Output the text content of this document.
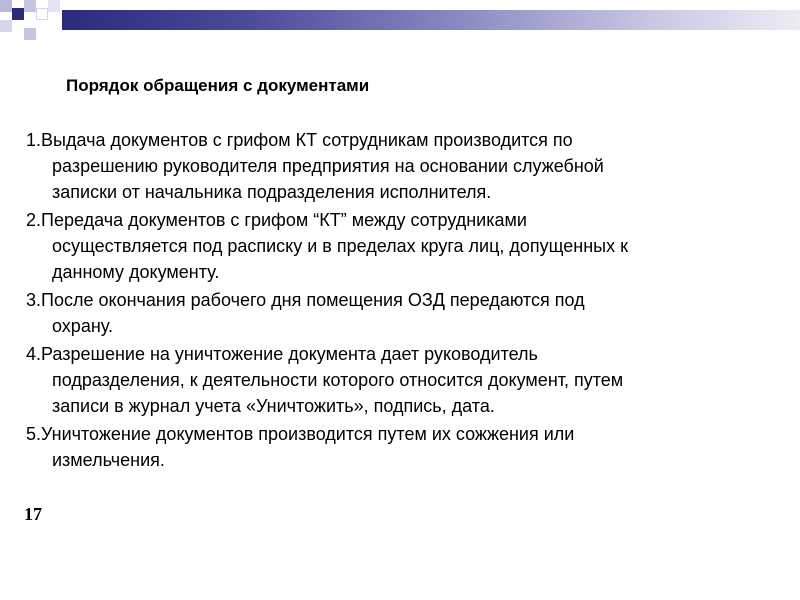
Порядок обращения с документами
1.Выдача документов с грифом КТ сотрудникам производится по
разрешению руководителя предприятия на основании служебной
записки от начальника подразделения исполнителя.
2.Передача документов с грифом “КТ” между сотрудниками
осуществляется под расписку и в пределах круга лиц, допущенных к
данному документу.
3.После окончания рабочего дня помещения ОЗД передаются под
охрану.
4.Разрешение на уничтожение документа дает руководитель
подразделения, к деятельности которого относится документ, путем
записи в журнал учета «Уничтожить», подпись, дата.
5.Уничтожение документов производится путем их сожжения или
измельчения.
17
